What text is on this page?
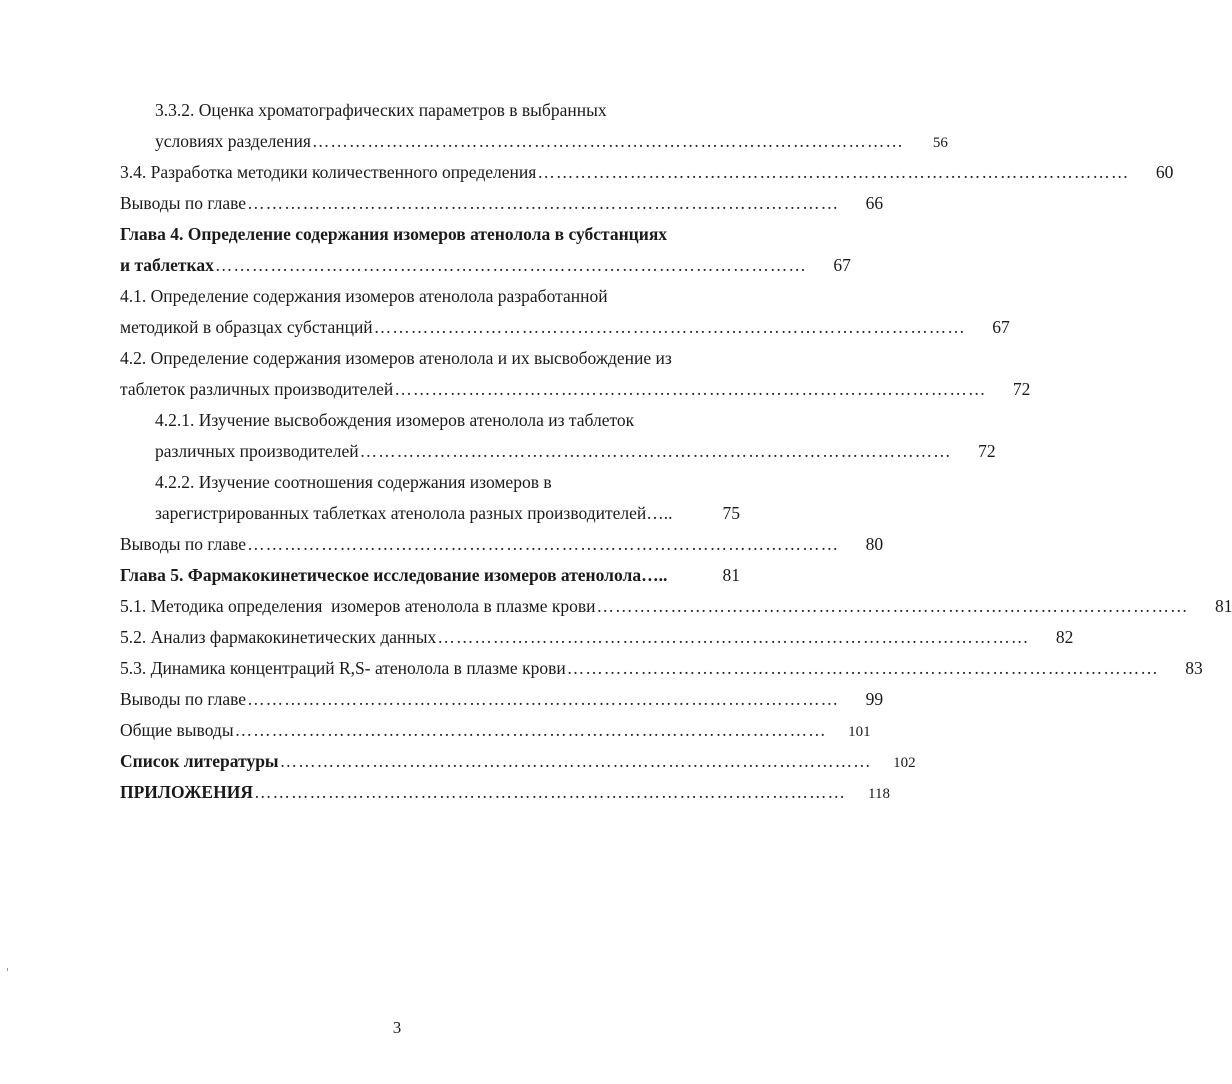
3.3.2. Оценка хроматографических параметров в выбранных
условиях разделения ……………………………………………………………………………………	56
3.4. Разработка методики количественного определения ……………………………………………………………………………………	60
Выводы по главе ……………………………………………………………………………………	66
Глава 4. Определение содержания изомеров атенолола в субстанциях
и таблетках ……………………………………………………………………………………	67
4.1. Определение содержания изомеров атенолола разработанной
методикой в образцах субстанций ……………………………………………………………………………………	67
4.2. Определение содержания изомеров атенолола и их высвобождение из
таблеток различных производителей ……………………………………………………………………………………	72
4.2.1. Изучение высвобождения изомеров атенолола из таблеток
различных производителей ……………………………………………………………………………………	72
4.2.2. Изучение соотношения содержания изомеров в
зарегистрированных таблетках атенолола разных производителей…..	75
Выводы по главе ……………………………………………………………………………………	80
Глава 5. Фармакокинетическое исследование изомеров атенолола…..	81
5.1. Методика определения  изомеров атенолола в плазме крови ……………………………………………………………………………………	81
5.2. Анализ фармакокинетических данных ……………………………………………………………………………………	82
5.3. Динамика концентраций R,S- атенолола в плазме крови ……………………………………………………………………………………	83
Выводы по главе ……………………………………………………………………………………	99
Общие выводы ……………………………………………………………………………………	101
Список литературы ……………………………………………………………………………………	102
ПРИЛОЖЕНИЯ ……………………………………………………………………………………	118
3
